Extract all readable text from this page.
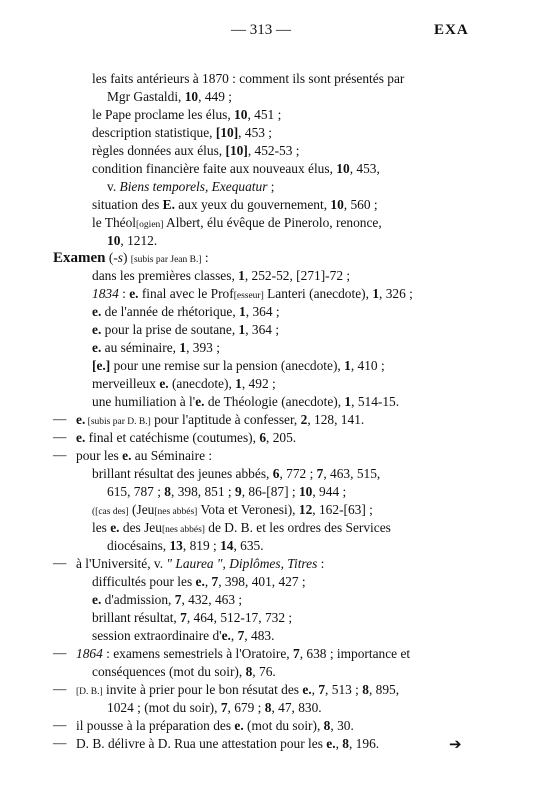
— 313 —	EXA
les faits antérieurs à 1870 : comment ils sont présentés par
Mgr Gastaldi, 10, 449 ;
le Pape proclame les élus, 10, 451 ;
description statistique, [10], 453 ;
règles données aux élus, [10], 452-53 ;
condition financière faite aux nouveaux élus, 10, 453,
v. Biens temporels, Exequatur ;
situation des E. aux yeux du gouvernement, 10, 560 ;
le Théol[ogien] Albert, élu évêque de Pinerolo, renonce,
10, 1212.
Examen (-s) [subis par Jean B.] :
dans les premières classes, 1, 252-52, [271]-72 ;
1834 : e. final avec le Prof[esseur] Lanteri (anecdote), 1, 326 ;
e. de l'année de rhétorique, 1, 364 ;
e. pour la prise de soutane, 1, 364 ;
e. au séminaire, 1, 393 ;
[e.] pour une remise sur la pension (anecdote), 1, 410 ;
merveilleux e. (anecdote), 1, 492 ;
une humiliation à l'e. de Théologie (anecdote), 1, 514-15.
— e. [subis par D. B.] pour l'aptitude à confesser, 2, 128, 141.
— e. final et catéchisme (coutumes), 6, 205.
— pour les e. au Séminaire :
brillant résultat des jeunes abbés, 6, 772 ; 7, 463, 515,
615, 787 ; 8, 398, 851 ; 9, 86-[87] ; 10, 944 ;
([cas des] (Jeu[nes abbés] Vota et Veronesi), 12, 162-[63] ;
les e. des Jeu[nes abbés] de D. B. et les ordres des Services
diocésains, 13, 819 ; 14, 635.
— à l'Université, v. " Laurea ", Diplômes, Titres :
difficultés pour les e., 7, 398, 401, 427 ;
e. d'admission, 7, 432, 463 ;
brillant résultat, 7, 464, 512-17, 732 ;
session extraordinaire d'e., 7, 483.
— 1864 : examens semestriels à l'Oratoire, 7, 638 ; importance et
conséquences (mot du soir), 8, 76.
— [D. B.] invite à prier pour le bon résutat des e., 7, 513 ; 8, 895,
1024 ; (mot du soir), 7, 679 ; 8, 47, 830.
— il pousse à la préparation des e. (mot du soir), 8, 30.
— D. B. délivre à D. Rua une attestation pour les e., 8, 196.	➔
